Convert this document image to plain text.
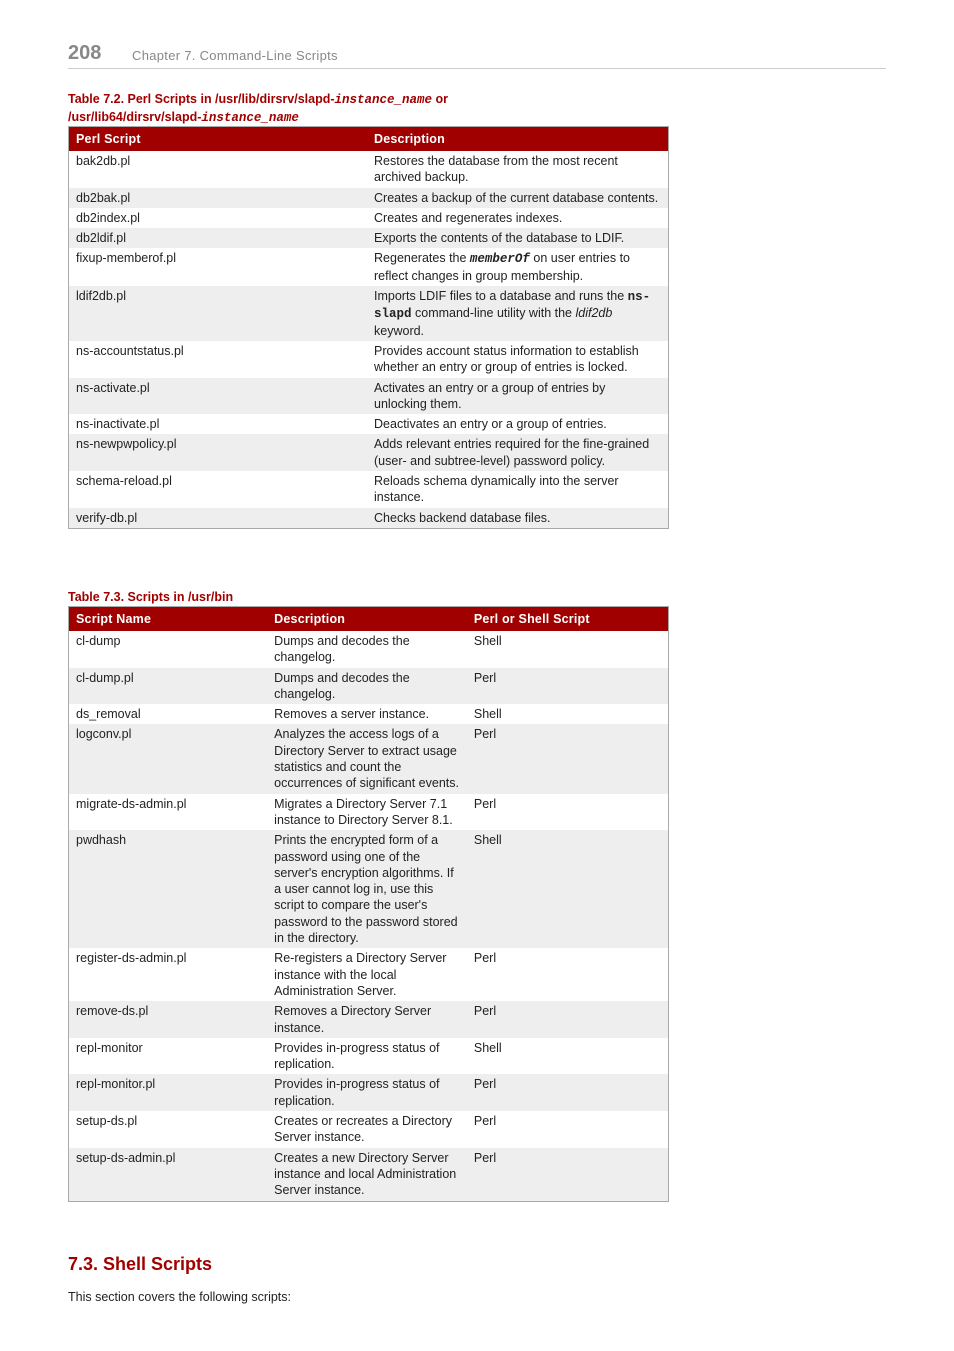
208 Chapter 7. Command-Line Scripts
Table 7.2. Perl Scripts in /usr/lib/dirsrv/slapd-instance_name or
/usr/lib64/dirsrv/slapd-instance_name
Perl Script	Description
bak2db.pl	Restores the database from the most recent archived backup.
db2bak.pl	Creates a backup of the current database contents.
db2index.pl	Creates and regenerates indexes.
db2ldif.pl	Exports the contents of the database to LDIF.
fixup-memberof.pl	Regenerates the memberOf on user entries to reflect changes in group membership.
ldif2db.pl	Imports LDIF files to a database and runs the ns-slapd command-line utility with the ldif2db keyword.
ns-accountstatus.pl	Provides account status information to establish whether an entry or group of entries is locked.
ns-activate.pl	Activates an entry or a group of entries by unlocking them.
ns-inactivate.pl	Deactivates an entry or a group of entries.
ns-newpwpolicy.pl	Adds relevant entries required for the fine-grained (user- and subtree-level) password policy.
schema-reload.pl	Reloads schema dynamically into the server instance.
verify-db.pl	Checks backend database files.
Table 7.3. Scripts in /usr/bin
Script Name	Description	Perl or Shell Script
cl-dump	Dumps and decodes the changelog.	Shell
cl-dump.pl	Dumps and decodes the changelog.	Perl
ds_removal	Removes a server instance.	Shell
logconv.pl	Analyzes the access logs of a Directory Server to extract usage statistics and count the occurrences of significant events.	Perl
migrate-ds-admin.pl	Migrates a Directory Server 7.1 instance to Directory Server 8.1.	Perl
pwdhash	Prints the encrypted form of a password using one of the server's encryption algorithms. If a user cannot log in, use this script to compare the user's password to the password stored in the directory.	Shell
register-ds-admin.pl	Re-registers a Directory Server instance with the local Administration Server.	Perl
remove-ds.pl	Removes a Directory Server instance.	Perl
repl-monitor	Provides in-progress status of replication.	Shell
repl-monitor.pl	Provides in-progress status of replication.	Perl
setup-ds.pl	Creates or recreates a Directory Server instance.	Perl
setup-ds-admin.pl	Creates a new Directory Server instance and local Administration Server instance.	Perl
7.3. Shell Scripts
This section covers the following scripts:
